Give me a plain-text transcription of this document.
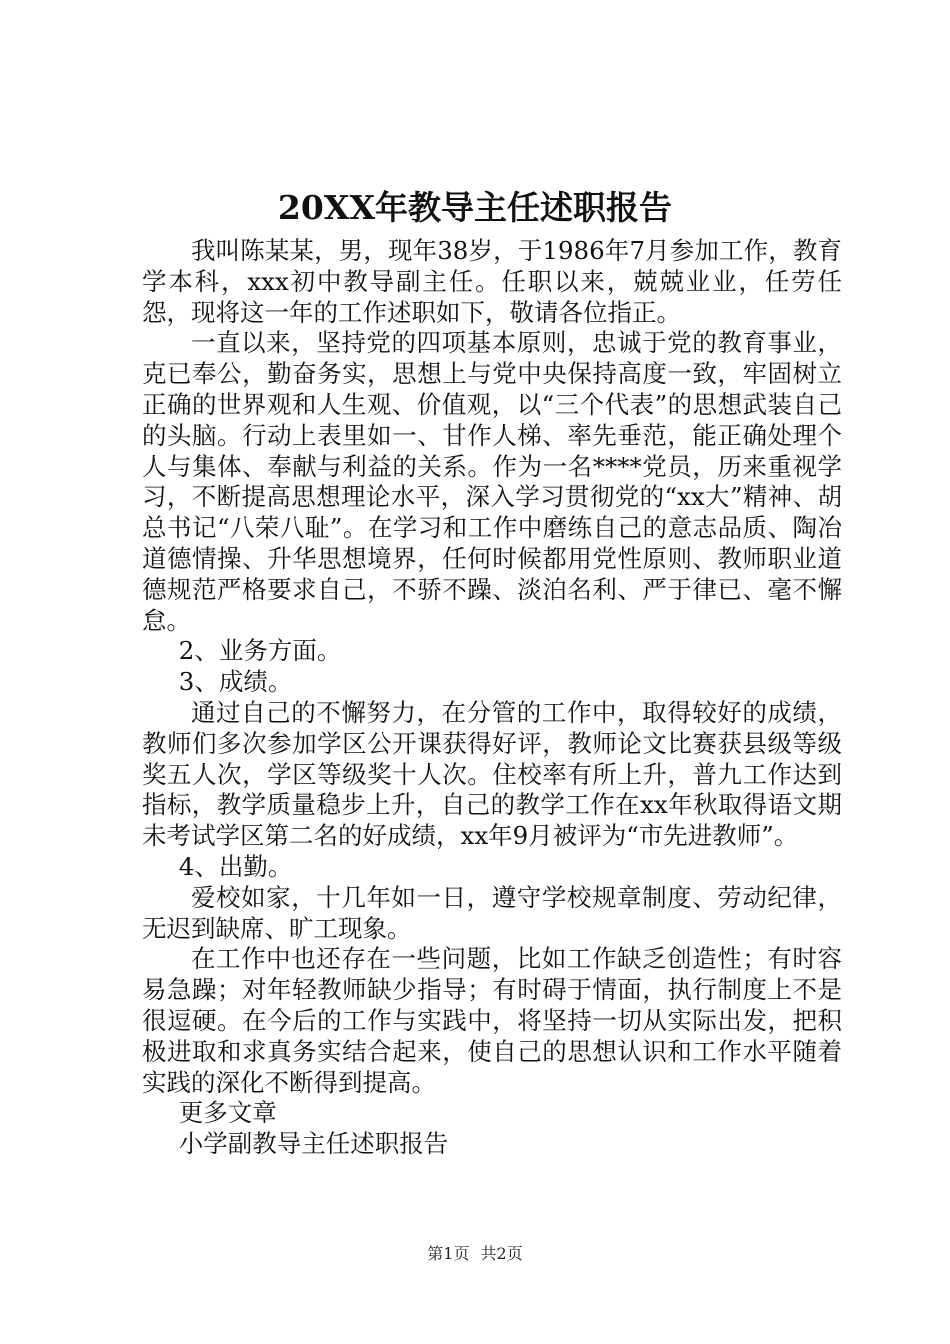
20XX年教导主任述职报告

我叫陈某某，男，现年38岁，于1986年7月参加工作，教育学本科，xxx初中教导副主任。任职以来，兢兢业业，任劳任怨，现将这一年的工作述职如下，敬请各位指正。

一直以来，坚持党的四项基本原则，忠诚于党的教育事业，克已奉公，勤奋务实，思想上与党中央保持高度一致，牢固树立正确的世界观和人生观、价值观，以“三个代表”的思想武装自己的头脑。行动上表里如一、甘作人梯、率先垂范，能正确处理个人与集体、奉献与利益的关系。作为一名****党员，历来重视学习，不断提高思想理论水平，深入学习贯彻党的“xx大”精神、胡总书记“八荣八耻”。在学习和工作中磨练自己的意志品质、陶冶道德情操、升华思想境界，任何时候都用党性原则、教师职业道德规范严格要求自己，不骄不躁、淡泊名利、严于律已、毫不懈怠。

2、业务方面。

3、成绩。

通过自己的不懈努力，在分管的工作中，取得较好的成绩，教师们多次参加学区公开课获得好评，教师论文比赛获县级等级奖五人次，学区等级奖十人次。住校率有所上升，普九工作达到指标，教学质量稳步上升，自己的教学工作在xx年秋取得语文期未考试学区第二名的好成绩，xx年9月被评为“市先进教师”。

4、出勤。

爱校如家，十几年如一日，遵守学校规章制度、劳动纪律，无迟到缺席、旷工现象。

在工作中也还存在一些问题，比如工作缺乏创造性；有时容易急躁；对年轻教师缺少指导；有时碍于情面，执行制度上不是很逗硬。在今后的工作与实践中，将坚持一切从实际出发，把积极进取和求真务实结合起来，使自己的思想认识和工作水平随着实践的深化不断得到提高。

更多文章

小学副教导主任述职报告

第1页 共2页
